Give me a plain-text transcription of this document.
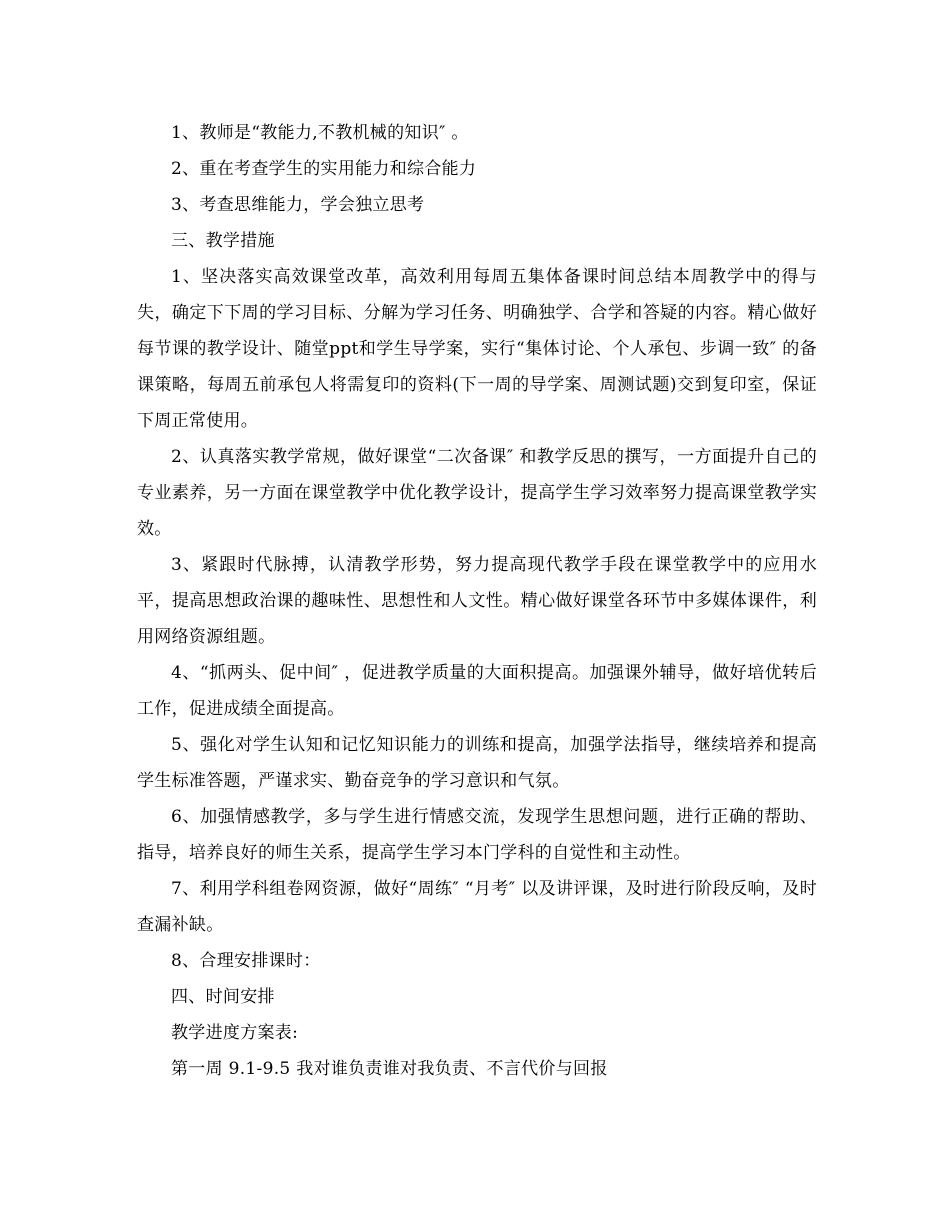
1、教师是“教能力,不教机械的知识″ 。

2、重在考查学生的实用能力和综合能力

3、考查思维能力，学会独立思考

三、教学措施

1、坚决落实高效课堂改革，高效利用每周五集体备课时间总结本周教学中的得与失，确定下下周的学习目标、分解为学习任务、明确独学、合学和答疑的内容。精心做好每节课的教学设计、随堂ppt和学生导学案，实行“集体讨论、个人承包、步调一致″ 的备课策略，每周五前承包人将需复印的资料(下一周的导学案、周测试题)交到复印室，保证下周正常使用。

2、认真落实教学常规，做好课堂“二次备课″ 和教学反思的撰写，一方面提升自己的专业素养，另一方面在课堂教学中优化教学设计，提高学生学习效率努力提高课堂教学实效。

3、紧跟时代脉搏，认清教学形势，努力提高现代教学手段在课堂教学中的应用水平，提高思想政治课的趣味性、思想性和人文性。精心做好课堂各环节中多媒体课件，利用网络资源组题。

4、“抓两头、促中间″ ，促进教学质量的大面积提高。加强课外辅导，做好培优转后工作，促进成绩全面提高。

5、强化对学生认知和记忆知识能力的训练和提高，加强学法指导，继续培养和提高学生标准答题，严谨求实、勤奋竞争的学习意识和气氛。

6、加强情感教学，多与学生进行情感交流，发现学生思想问题，进行正确的帮助、指导，培养良好的师生关系，提高学生学习本门学科的自觉性和主动性。

7、利用学科组卷网资源，做好“周练″ “月考″ 以及讲评课，及时进行阶段反响，及时查漏补缺。

8、合理安排课时：

四、时间安排

教学进度方案表:

第一周 9.1-9.5 我对谁负责谁对我负责、不言代价与回报
